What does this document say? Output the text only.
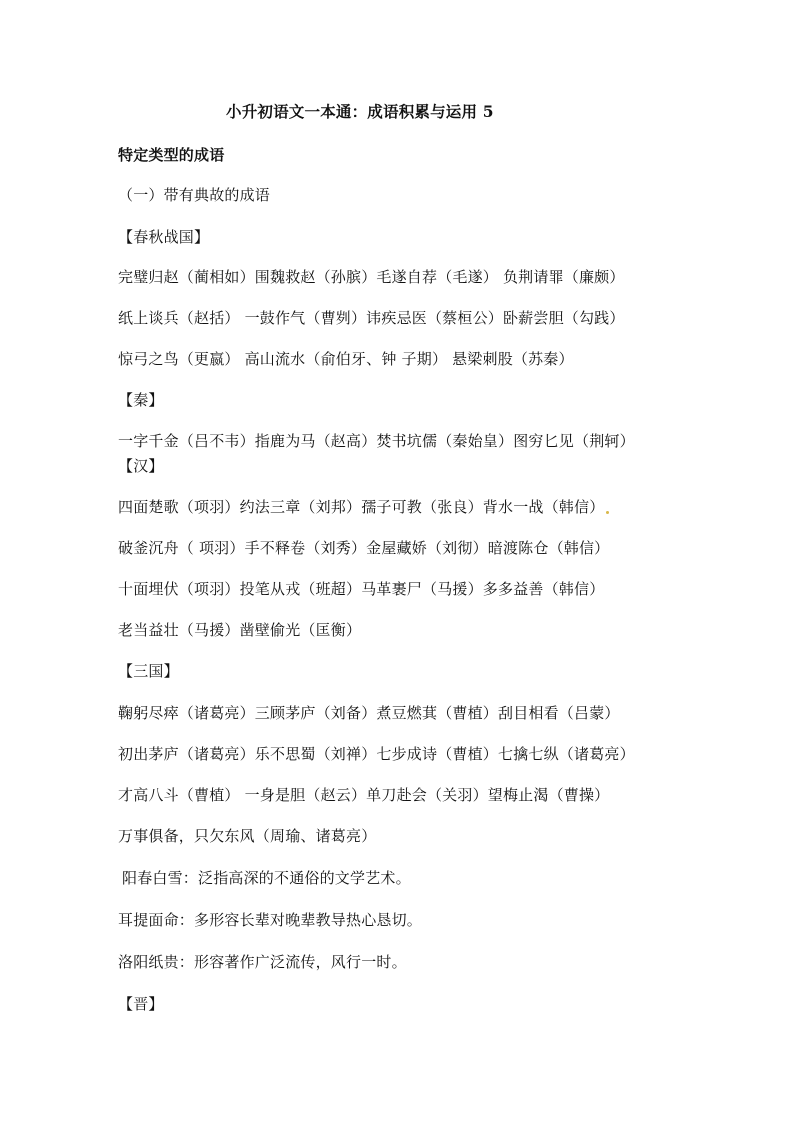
小升初语文一本通：成语积累与运用 5
特定类型的成语
（一）带有典故的成语
【春秋战国】
完璧归赵（蔺相如）围魏救赵（孙膑）毛遂自荐（毛遂） 负荆请罪（廉颇）
纸上谈兵（赵括） 一鼓作气（曹刿）讳疾忌医（蔡桓公）卧薪尝胆（勾践）
惊弓之鸟（更嬴） 高山流水（俞伯牙、钟 子期） 悬梁刺股（苏秦）
【秦】
一字千金（吕不韦）指鹿为马（赵高）焚书坑儒（秦始皇）图穷匕见（荆轲）
【汉】
四面楚歌（项羽）约法三章（刘邦）孺子可教（张良）背水一战（韩信）
破釜沉舟（ 项羽）手不释卷（刘秀）金屋藏娇（刘彻）暗渡陈仓（韩信）
十面埋伏（项羽）投笔从戎（班超）马革裹尸（马援）多多益善（韩信）
老当益壮（马援）凿壁偷光（匡衡）
【三国】
鞠躬尽瘁（诸葛亮）三顾茅庐（刘备）煮豆燃萁（曹植）刮目相看（吕蒙）
初出茅庐（诸葛亮）乐不思蜀（刘禅）七步成诗（曹植）七擒七纵（诸葛亮）
才高八斗（曹植） 一身是胆（赵云）单刀赴会（关羽）望梅止渴（曹操）
万事俱备，只欠东风（周瑜、诸葛亮）
阳春白雪：泛指高深的不通俗的文学艺术。
耳提面命：多形容长辈对晚辈教导热心恳切。
洛阳纸贵：形容著作广泛流传，风行一时。
【晋】
